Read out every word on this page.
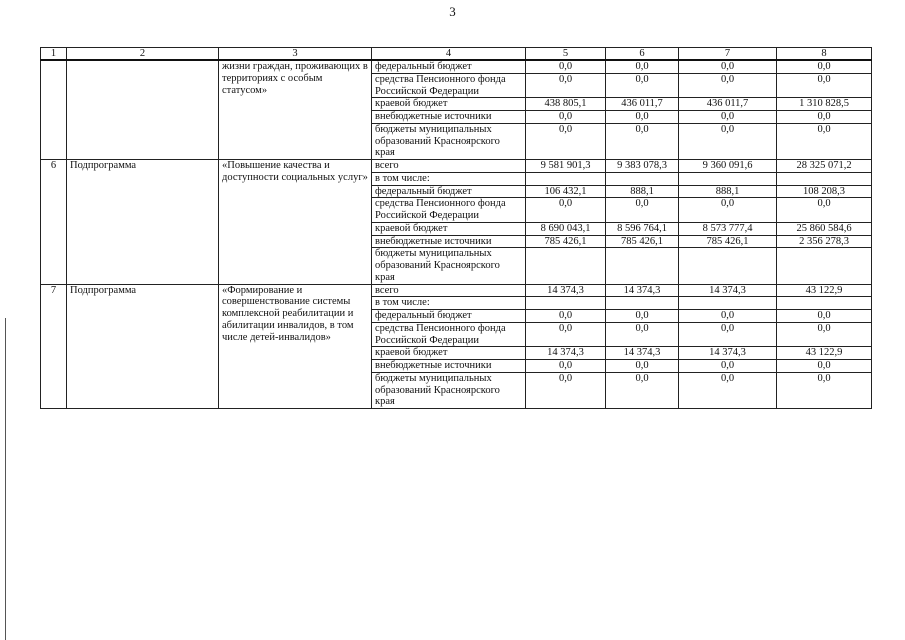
3
1	2	3	4	5	6	7	8
		жизни граждан, проживающих в территориях с особым статусом»	федеральный бюджет	0,0	0,0	0,0	0,0
			средства Пенсионного фонда Российской Федерации	0,0	0,0	0,0	0,0
			краевой бюджет	438 805,1	436 011,7	436 011,7	1 310 828,5
			внебюджетные источники	0,0	0,0	0,0	0,0
			бюджеты муниципальных образований Красноярского края	0,0	0,0	0,0	0,0
6	Подпрограмма	«Повышение качества и доступности социальных услуг»	всего	9 581 901,3	9 383 078,3	9 360 091,6	28 325 071,2
			в том числе:				
			федеральный бюджет	106 432,1	888,1	888,1	108 208,3
			средства Пенсионного фонда Российской Федерации	0,0	0,0	0,0	0,0
			краевой бюджет	8 690 043,1	8 596 764,1	8 573 777,4	25 860 584,6
			внебюджетные источники	785 426,1	785 426,1	785 426,1	2 356 278,3
			бюджеты муниципальных образований Красноярского края				
7	Подпрограмма	«Формирование и совершенствование системы комплексной реабилитации и абилитации инвалидов, в том числе детей-инвалидов»	всего	14 374,3	14 374,3	14 374,3	43 122,9
			в том числе:				
			федеральный бюджет	0,0	0,0	0,0	0,0
			средства Пенсионного фонда Российской Федерации	0,0	0,0	0,0	0,0
			краевой бюджет	14 374,3	14 374,3	14 374,3	43 122,9
			внебюджетные источники	0,0	0,0	0,0	0,0
			бюджеты муниципальных образований Красноярского края	0,0	0,0	0,0	0,0
